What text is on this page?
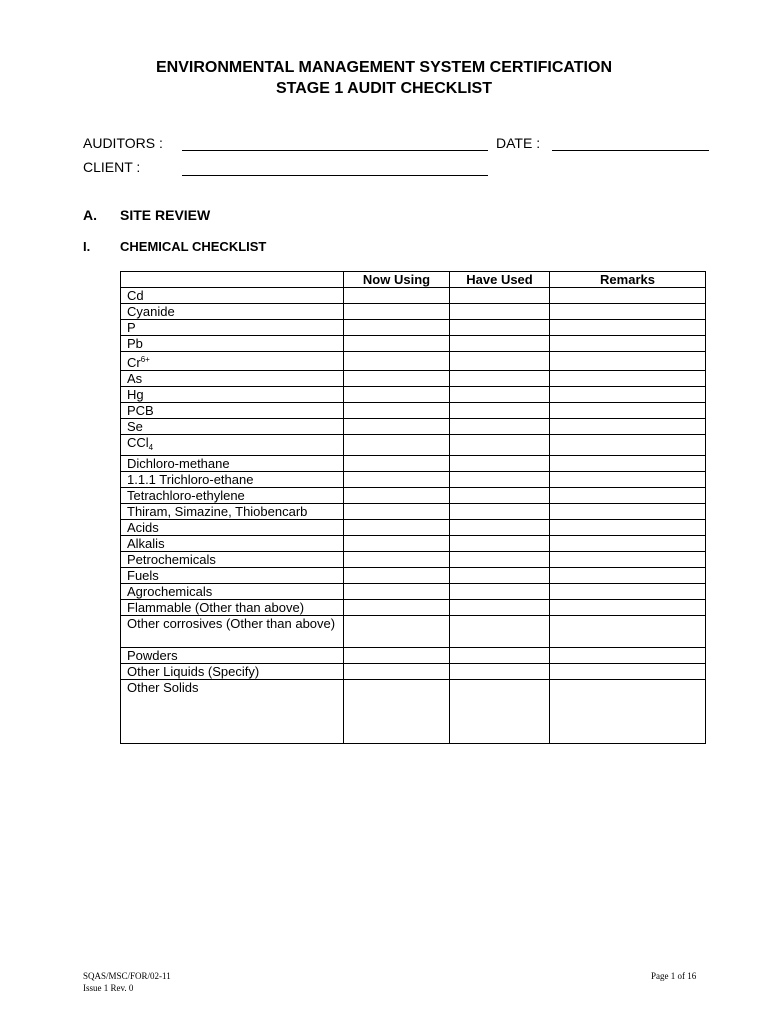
ENVIRONMENTAL MANAGEMENT SYSTEM CERTIFICATION
STAGE 1 AUDIT CHECKLIST
AUDITORS :	DATE :
CLIENT :
A. SITE REVIEW
I. CHEMICAL CHECKLIST
	Now Using	Have Used	Remarks
Cd			
Cyanide			
P			
Pb			
$Cr^{6+}$			
As			
Hg			
PCB			
Se			
CCl$_4$			
Dichloro-methane			
1.1.1 Trichloro-ethane			
Tetrachloro-ethylene			
Thiram, Simazine, Thiobencarb			
Acids			
Alkalis			
Petrochemicals			
Fuels			
Agrochemicals			
Flammable (Other than above)			
Other corrosives (Other than above)			
Powders			
Other Liquids (Specify)			
Other Solids			
SQAS/MSC/FOR/02-11
Issue 1 Rev. 0
Page 1 of 16
